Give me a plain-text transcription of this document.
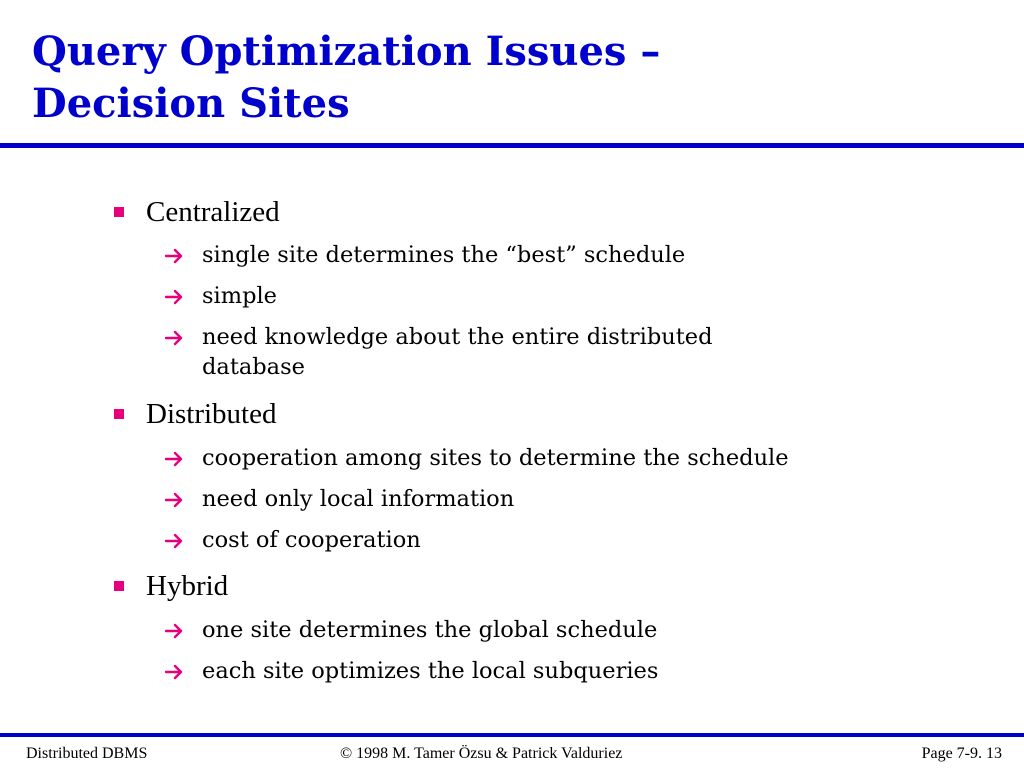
Query Optimization Issues –
Decision Sites
Centralized
single site determines the “best” schedule
simple
need knowledge about the entire distributed
database
Distributed
cooperation among sites to determine the schedule
need only local information
cost of cooperation
Hybrid
one site determines the global schedule
each site optimizes the local subqueries
Distributed DBMS	© 1998 M. Tamer Özsu & Patrick Valduriez	Page 7-9. 13
